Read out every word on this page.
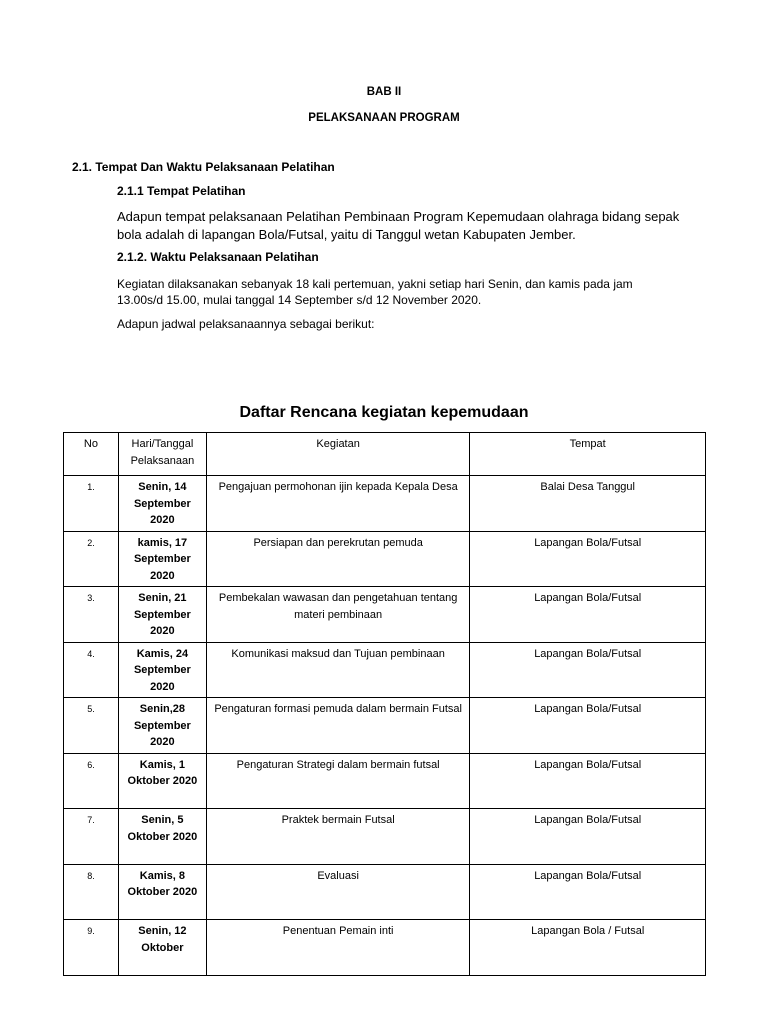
BAB II
PELAKSANAAN PROGRAM
2.1. Tempat Dan Waktu Pelaksanaan Pelatihan
2.1.1 Tempat Pelatihan
Adapun tempat pelaksanaan Pelatihan Pembinaan Program Kepemudaan olahraga bidang sepak bola adalah di lapangan Bola/Futsal, yaitu di Tanggul wetan Kabupaten Jember.
2.1.2. Waktu Pelaksanaan Pelatihan
Kegiatan dilaksanakan sebanyak 18 kali pertemuan, yakni setiap hari Senin, dan kamis pada jam 13.00s/d 15.00, mulai tanggal 14 September s/d 12 November 2020.
Adapun jadwal pelaksanaannya sebagai berikut:
Daftar Rencana kegiatan kepemudaan
No	Hari/Tanggal Pelaksanaan	Kegiatan	Tempat
1.	Senin, 14 September 2020	Pengajuan permohonan ijin kepada Kepala Desa	Balai Desa Tanggul
2.	kamis, 17 September 2020	Persiapan dan perekrutan pemuda	Lapangan Bola/Futsal
3.	Senin, 21 September 2020	Pembekalan wawasan dan pengetahuan tentang materi pembinaan	Lapangan Bola/Futsal
4.	Kamis, 24 September 2020	Komunikasi maksud dan Tujuan pembinaan	Lapangan Bola/Futsal
5.	Senin,28 September 2020	Pengaturan formasi pemuda dalam bermain Futsal	Lapangan Bola/Futsal
6.	Kamis, 1 Oktober 2020	Pengaturan Strategi dalam bermain futsal	Lapangan Bola/Futsal
7.	Senin, 5 Oktober 2020	Praktek bermain Futsal	Lapangan Bola/Futsal
8.	Kamis, 8 Oktober 2020	Evaluasi	Lapangan Bola/Futsal
9.	Senin, 12 Oktober	Penentuan Pemain inti	Lapangan Bola / Futsal
